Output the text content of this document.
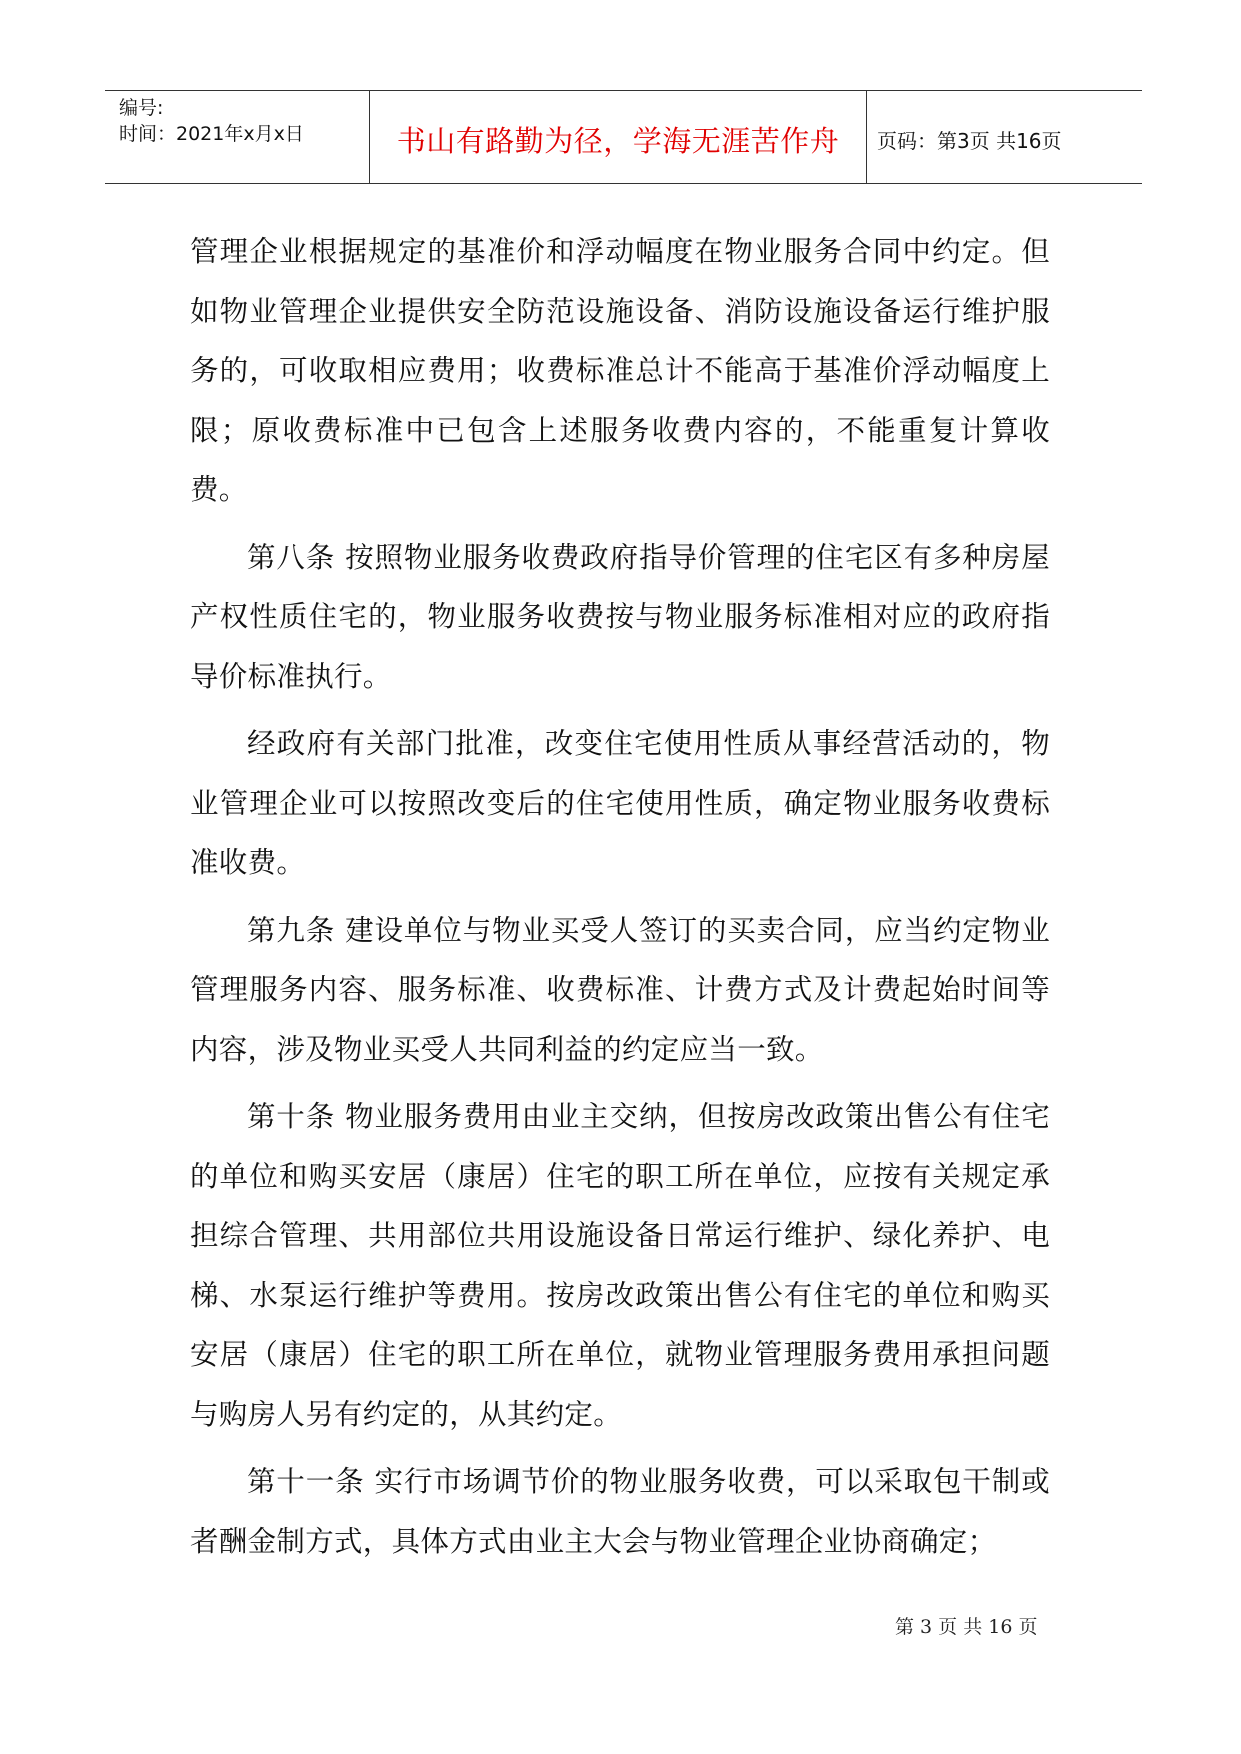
编号:
时间：2021年x月x日	书山有路勤为径，学海无涯苦作舟	页码：第3页 共16页

管理企业根据规定的基准价和浮动幅度在物业服务合同中约定。但如物业管理企业提供安全防范设施设备、消防设施设备运行维护服务的，可收取相应费用；收费标准总计不能高于基准价浮动幅度上限；原收费标准中已包含上述服务收费内容的，不能重复计算收费。

第八条 按照物业服务收费政府指导价管理的住宅区有多种房屋产权性质住宅的，物业服务收费按与物业服务标准相对应的政府指导价标准执行。

经政府有关部门批准，改变住宅使用性质从事经营活动的，物业管理企业可以按照改变后的住宅使用性质，确定物业服务收费标准收费。

第九条 建设单位与物业买受人签订的买卖合同，应当约定物业管理服务内容、服务标准、收费标准、计费方式及计费起始时间等内容，涉及物业买受人共同利益的约定应当一致。

第十条 物业服务费用由业主交纳，但按房改政策出售公有住宅的单位和购买安居（康居）住宅的职工所在单位，应按有关规定承担综合管理、共用部位共用设施设备日常运行维护、绿化养护、电梯、水泵运行维护等费用。按房改政策出售公有住宅的单位和购买安居（康居）住宅的职工所在单位，就物业管理服务费用承担问题与购房人另有约定的，从其约定。

第十一条 实行市场调节价的物业服务收费，可以采取包干制或者酬金制方式，具体方式由业主大会与物业管理企业协商确定；

第 3 页 共 16 页
